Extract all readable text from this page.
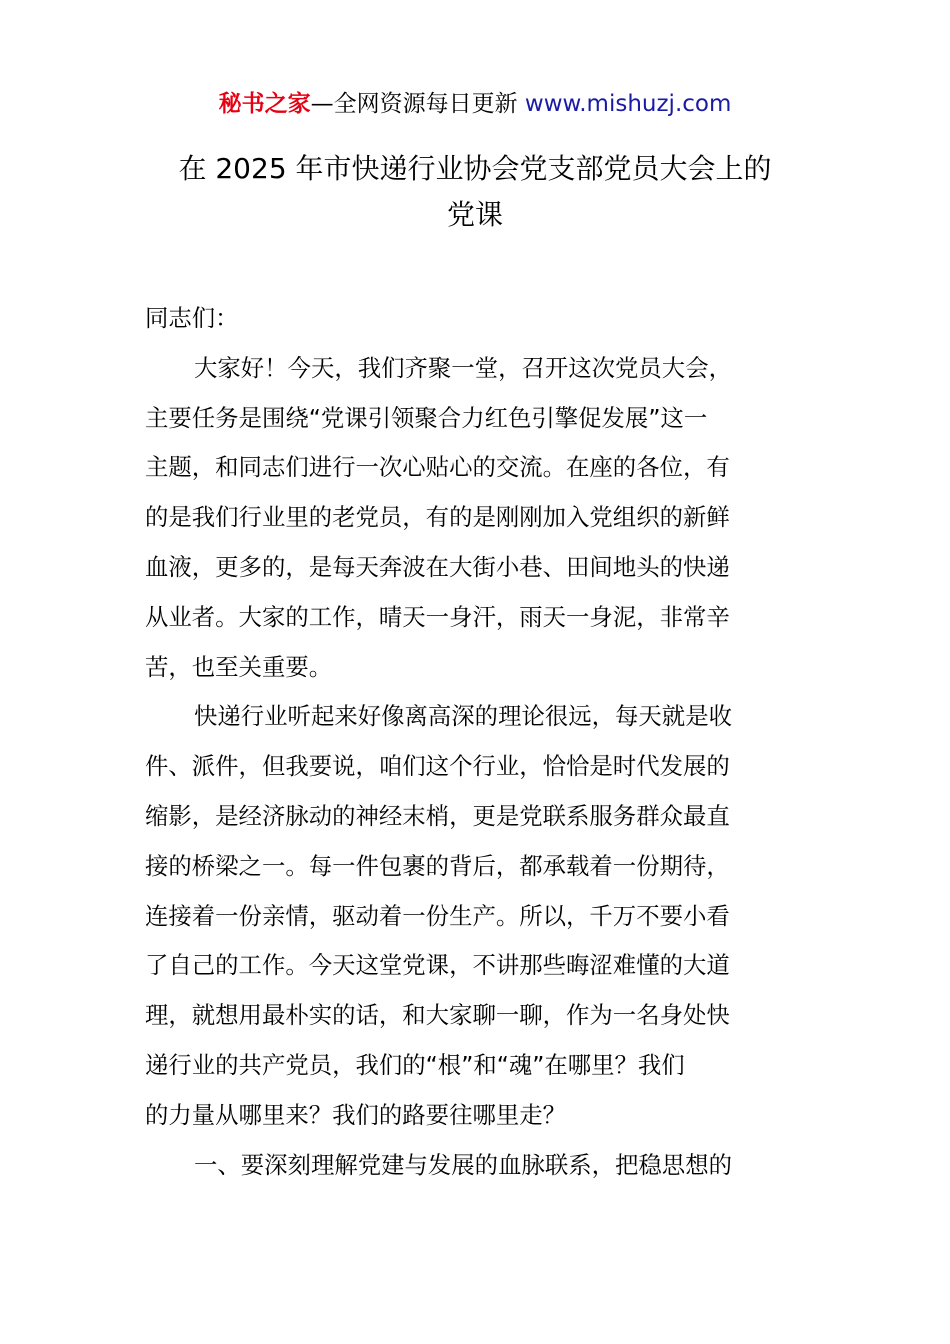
秘书之家—全网资源每日更新 www.mishuzj.com
在 2025 年市快递行业协会党支部党员大会上的
党课
同志们：
大家好！今天，我们齐聚一堂，召开这次党员大会，
主要任务是围绕“党课引领聚合力红色引擎促发展”这一
主题，和同志们进行一次心贴心的交流。在座的各位，有
的是我们行业里的老党员，有的是刚刚加入党组织的新鲜
血液，更多的，是每天奔波在大街小巷、田间地头的快递
从业者。大家的工作，晴天一身汗，雨天一身泥，非常辛
苦，也至关重要。
快递行业听起来好像离高深的理论很远，每天就是收
件、派件，但我要说，咱们这个行业，恰恰是时代发展的
缩影，是经济脉动的神经末梢，更是党联系服务群众最直
接的桥梁之一。每一件包裹的背后，都承载着一份期待，
连接着一份亲情，驱动着一份生产。所以，千万不要小看
了自己的工作。今天这堂党课，不讲那些晦涩难懂的大道
理，就想用最朴实的话，和大家聊一聊，作为一名身处快
递行业的共产党员，我们的“根”和“魂”在哪里？我们
的力量从哪里来？我们的路要往哪里走？
一、要深刻理解党建与发展的血脉联系，把稳思想的
